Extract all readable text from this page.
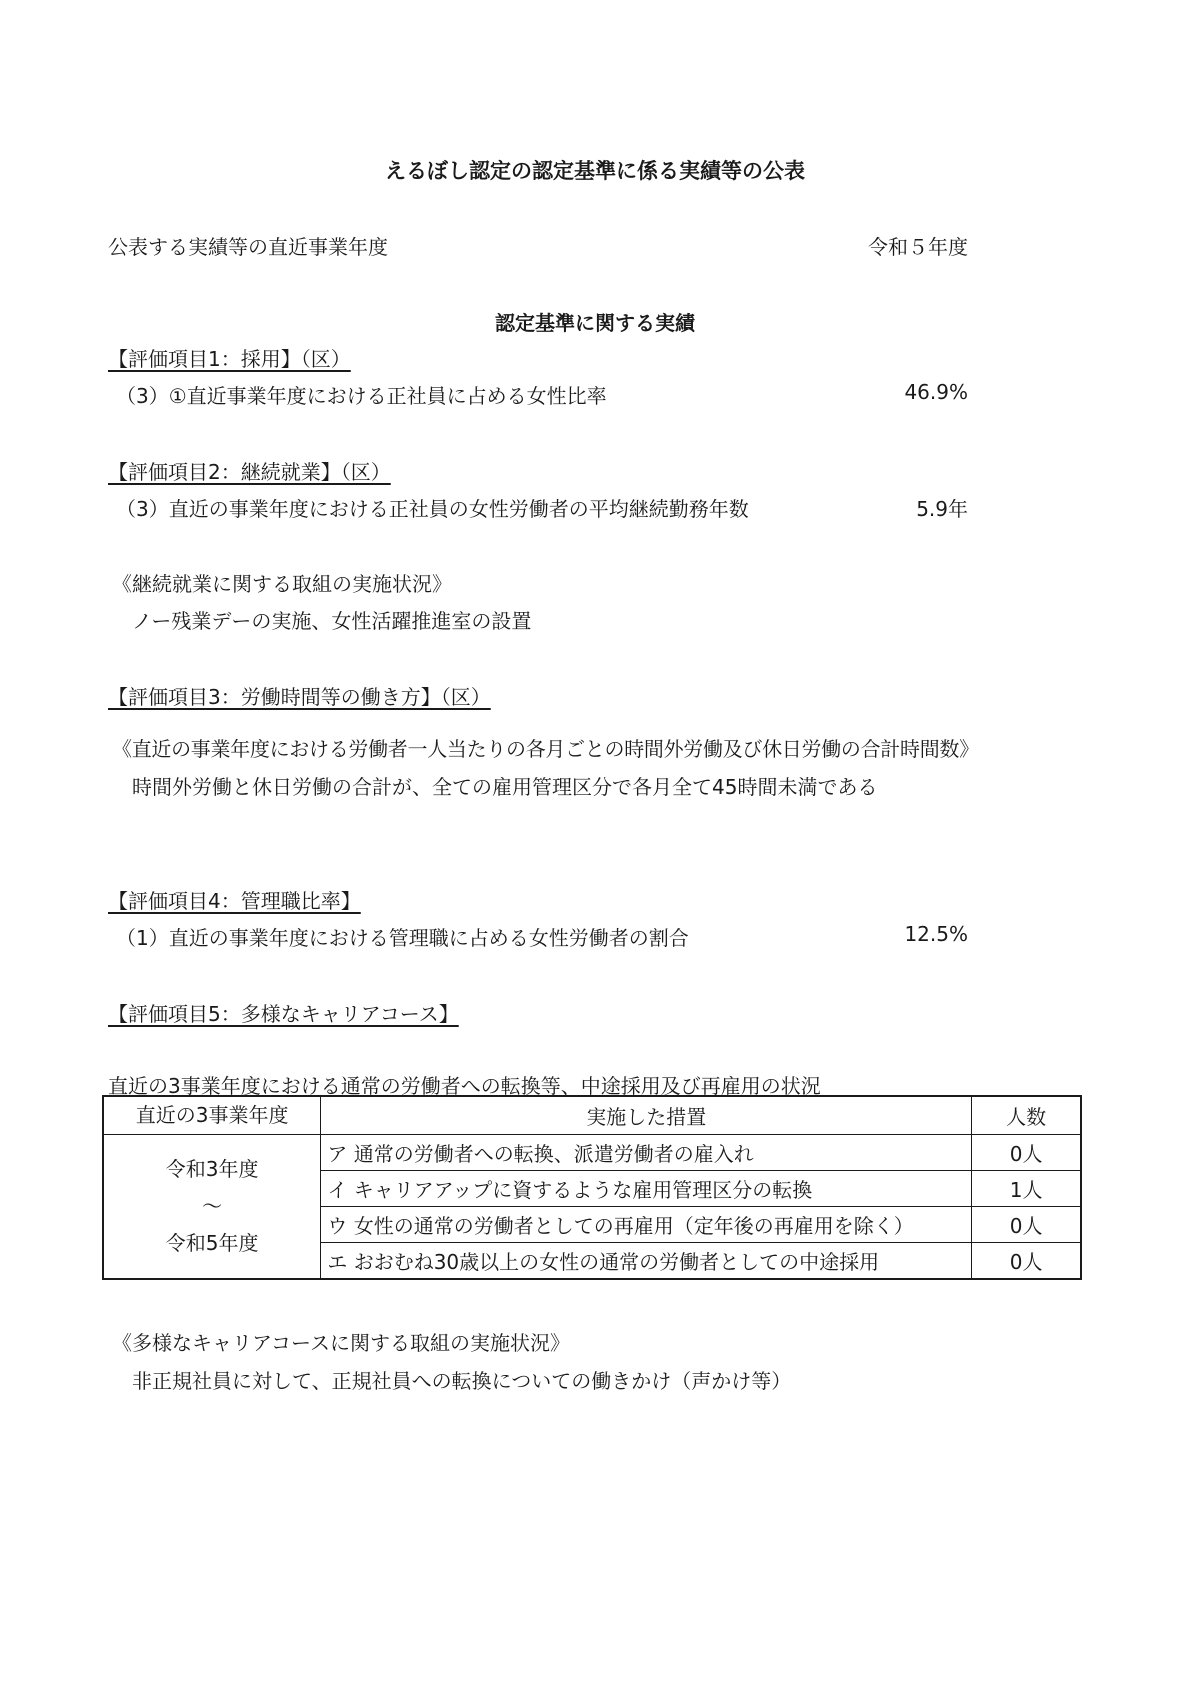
えるぼし認定の認定基準に係る実績等の公表
公表する実績等の直近事業年度	令和５年度
認定基準に関する実績
【評価項目1：採用】（区）
（3）①直近事業年度における正社員に占める女性比率	46.9%
【評価項目2：継続就業】（区）
（3）直近の事業年度における正社員の女性労働者の平均継続勤務年数	5.9年
《継続就業に関する取組の実施状況》
ノー残業デーの実施、女性活躍推進室の設置
【評価項目3：労働時間等の働き方】（区）
《直近の事業年度における労働者一人当たりの各月ごとの時間外労働及び休日労働の合計時間数》
時間外労働と休日労働の合計が、全ての雇用管理区分で各月全て45時間未満である
【評価項目4：管理職比率】
（1）直近の事業年度における管理職に占める女性労働者の割合	12.5%
【評価項目5：多様なキャリアコース】
直近の3事業年度における通常の労働者への転換等、中途採用及び再雇用の状況
直近の3事業年度	実施した措置	人数

令和3年度
～
令和5年度	ア 通常の労働者への転換、派遣労働者の雇入れ	0人
	イ キャリアアップに資するような雇用管理区分の転換	1人
	ウ 女性の通常の労働者としての再雇用（定年後の再雇用を除く）	0人
	エ おおむね30歳以上の女性の通常の労働者としての中途採用	0人
《多様なキャリアコースに関する取組の実施状況》
非正規社員に対して、正規社員への転換についての働きかけ（声かけ等）
